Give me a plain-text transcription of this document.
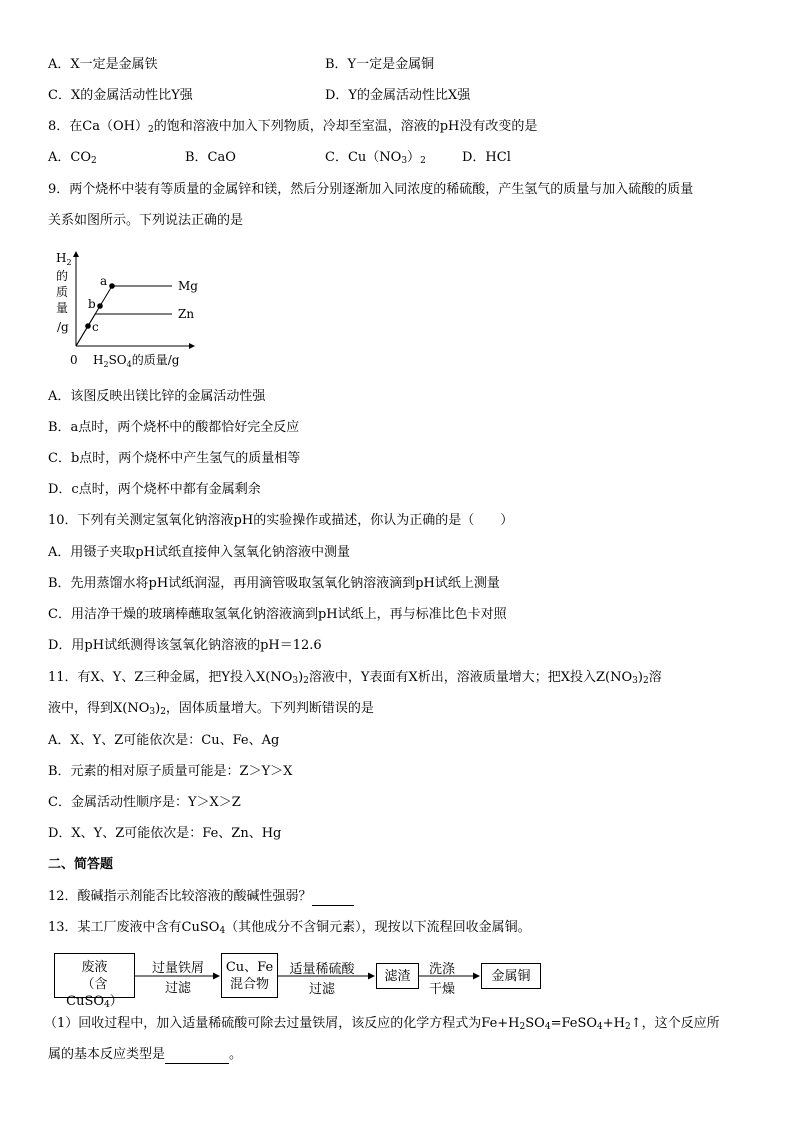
A．X一定是金属铁	B．Y一定是金属铜
C．X的金属活动性比Y强	D．Y的金属活动性比X强
8．在$Ca(OH)_2$的饱和溶液中加入下列物质，冷却至室温，溶液的pH没有改变的是
A．$CO_2$	B．CaO	C．$Cu(NO_3)_2$	D．HCl
9．两个烧杯中装有等质量的金属锌和镁，然后分别逐渐加入同浓度的稀硫酸，产生氢气的质量与加入硫酸的质量
关系如图所示。下列说法正确的是
$H_2$
的
质
量
/g
0 $H_2SO_4$的质量/g
a
b
c
Mg
Zn
A．该图反映出镁比锌的金属活动性强
B．a点时，两个烧杯中的酸都恰好完全反应
C．b点时，两个烧杯中产生氢气的质量相等
D．c点时，两个烧杯中都有金属剩余
10．下列有关测定氢氧化钠溶液pH的实验操作或描述，你认为正确的是（　　）
A．用镊子夹取pH试纸直接伸入氢氧化钠溶液中测量
B．先用蒸馏水将pH试纸润湿，再用滴管吸取氢氧化钠溶液滴到pH试纸上测量
C．用洁净干燥的玻璃棒蘸取氢氧化钠溶液滴到pH试纸上，再与标准比色卡对照
D．用pH试纸测得该氢氧化钠溶液的pH＝12.6
11．有X、Y、Z三种金属，把Y投入$X(NO_3)_2$溶液中，Y表面有X析出，溶液质量增大；把X投入$Z(NO_3)_2$溶
液中，得到$X(NO_3)_2$，固体质量增大。下列判断错误的是
A．X、Y、Z可能依次是：Cu、Fe、Ag
B．元素的相对原子质量可能是：Z＞Y＞X
C．金属活动性顺序是：Y＞X＞Z
D．X、Y、Z可能依次是：Fe、Zn、Hg
二、简答题
12．酸碱指示剂能否比较溶液的酸碱性强弱？
13．某工厂废液中含有CuSO$_4$（其他成分不含铜元素），现按以下流程回收金属铜。
废液
（含CuSO$_4$）
过量铁屑
过滤
Cu、Fe
混合物
适量稀硫酸
过滤
滤渣	洗涤
干燥
金属铜
（1）回收过程中，加入适量稀硫酸可除去过量铁屑，该反应的化学方程式为$Fe+H_2SO_4=FeSO_4+H_2↑$，这个反应所
属的基本反应类型是	。
